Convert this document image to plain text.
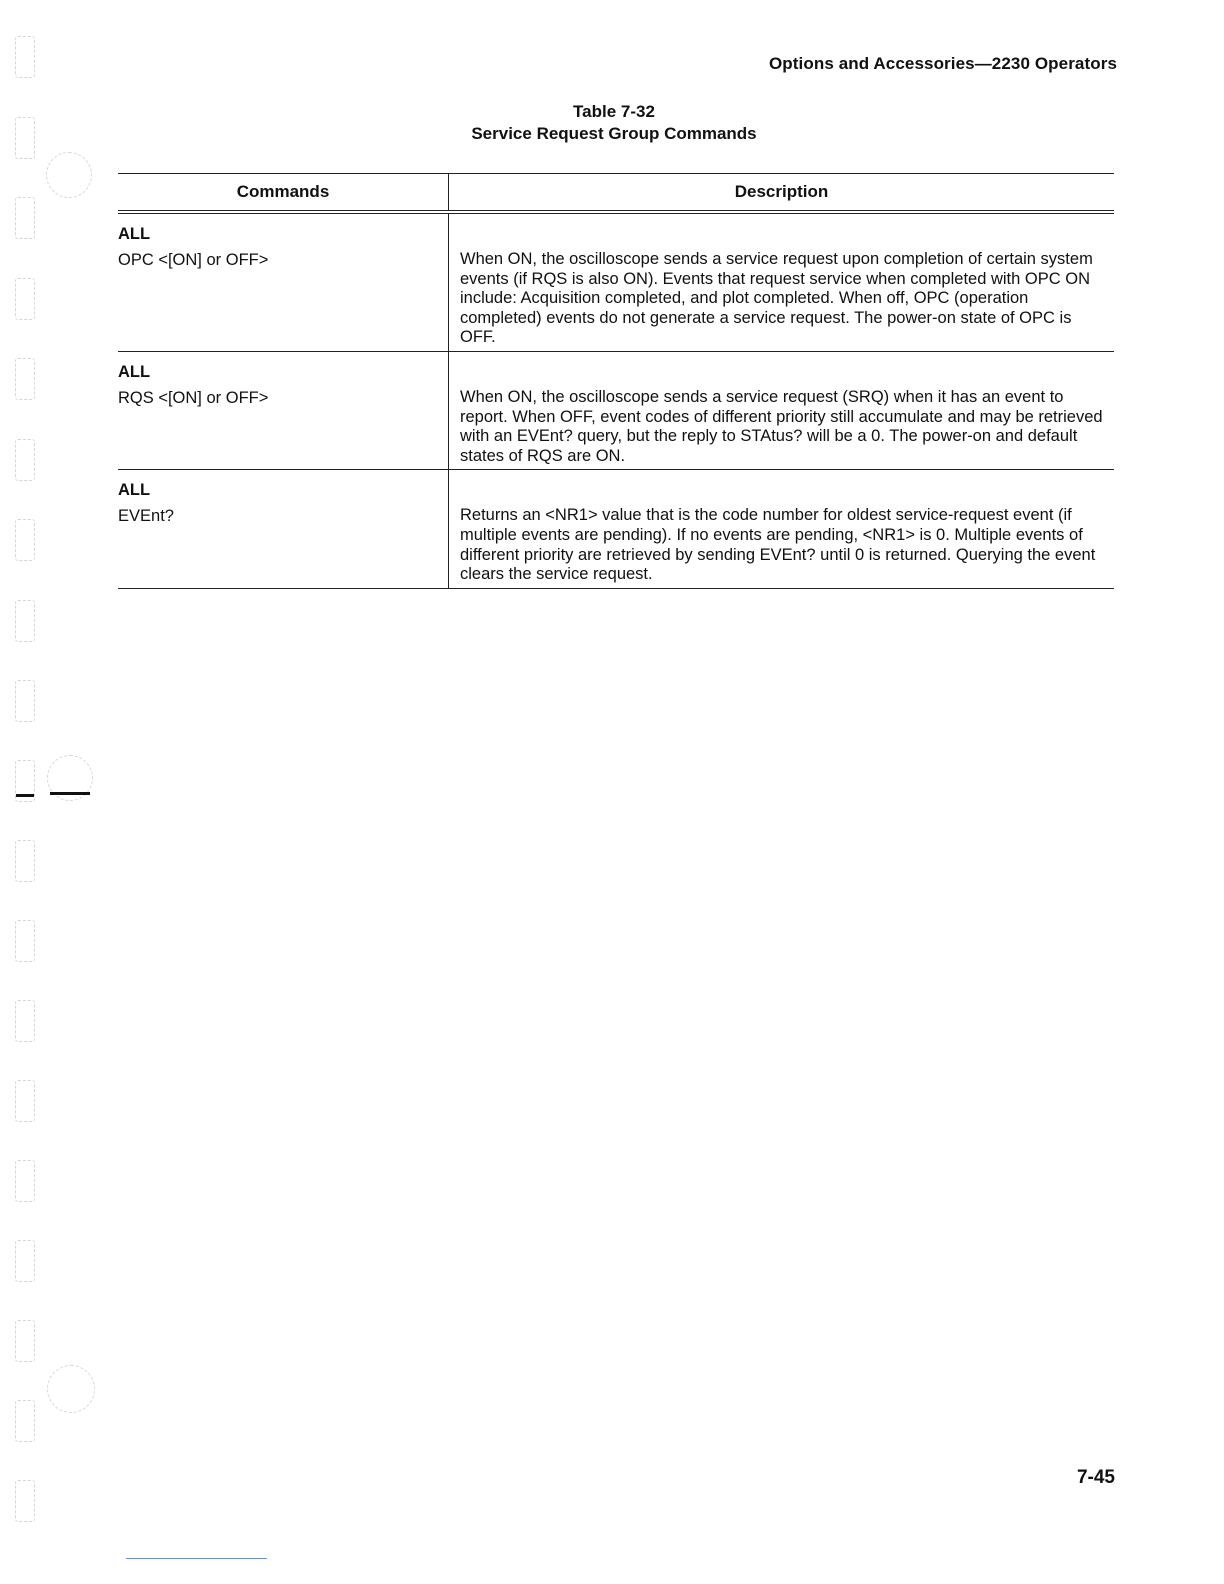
Options and Accessories—2230 Operators
Table 7-32
Service Request Group Commands
Commands	Description

ALL
OPC <[ON] or OFF>	When ON, the oscilloscope sends a service request upon completion of certain system events (if RQS is also ON). Events that request service when completed with OPC ON include: Acquisition completed, and plot completed. When off, OPC (operation completed) events do not generate a service request. The power-on state of OPC is OFF.

ALL
RQS <[ON] or OFF>	When ON, the oscilloscope sends a service request (SRQ) when it has an event to report. When OFF, event codes of different priority still accumulate and may be retrieved with an EVEnt? query, but the reply to STAtus? will be a 0. The power-on and default states of RQS are ON.

ALL
EVEnt?	Returns an <NR1> value that is the code number for oldest service-request event (if multiple events are pending). If no events are pending, <NR1> is 0. Multiple events of different priority are retrieved by sending EVEnt? until 0 is returned. Querying the event clears the service request.
7-45
